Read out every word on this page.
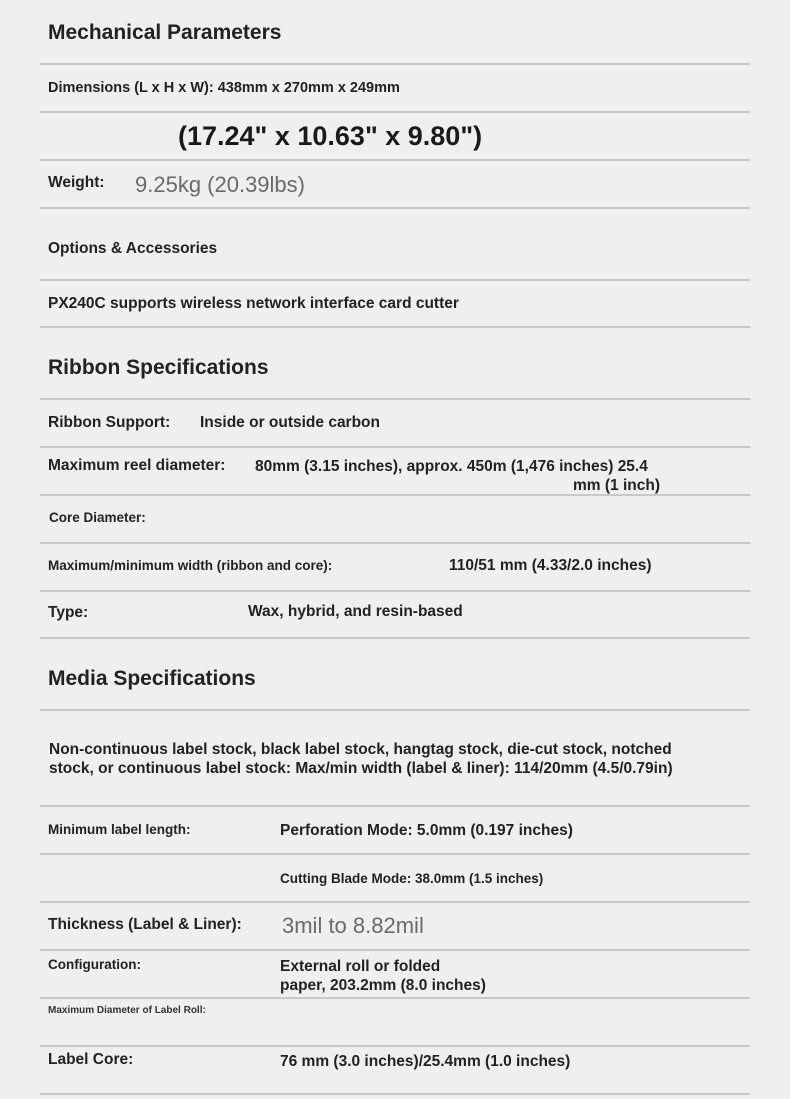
Mechanical Parameters
Dimensions (L x H x W): 438mm x 270mm x 249mm
(17.24" x 10.63" x 9.80")
Weight: 9.25kg (20.39lbs)
Options & Accessories
PX240C supports wireless network interface card cutter
Ribbon Specifications
Ribbon Support: Inside or outside carbon
Maximum reel diameter: 80mm (3.15 inches), approx. 450m (1,476 inches) 25.4
mm (1 inch)
Core Diameter:
Maximum/minimum width (ribbon and core):	110/51 mm (4.33/2.0 inches)
Type:	Wax, hybrid, and resin-based
Media Specifications
Non-continuous label stock, black label stock, hangtag stock, die-cut stock, notched
stock, or continuous label stock: Max/min width (label & liner): 114/20mm (4.5/0.79in)
Minimum label length:	Perforation Mode: 5.0mm (0.197 inches)
Cutting Blade Mode: 38.0mm (1.5 inches)
Thickness (Label & Liner): 3mil to 8.82mil
Configuration:	External roll or folded
paper, 203.2mm (8.0 inches)
Maximum Diameter of Label Roll:
Label Core:	76 mm (3.0 inches)/25.4mm (1.0 inches)
